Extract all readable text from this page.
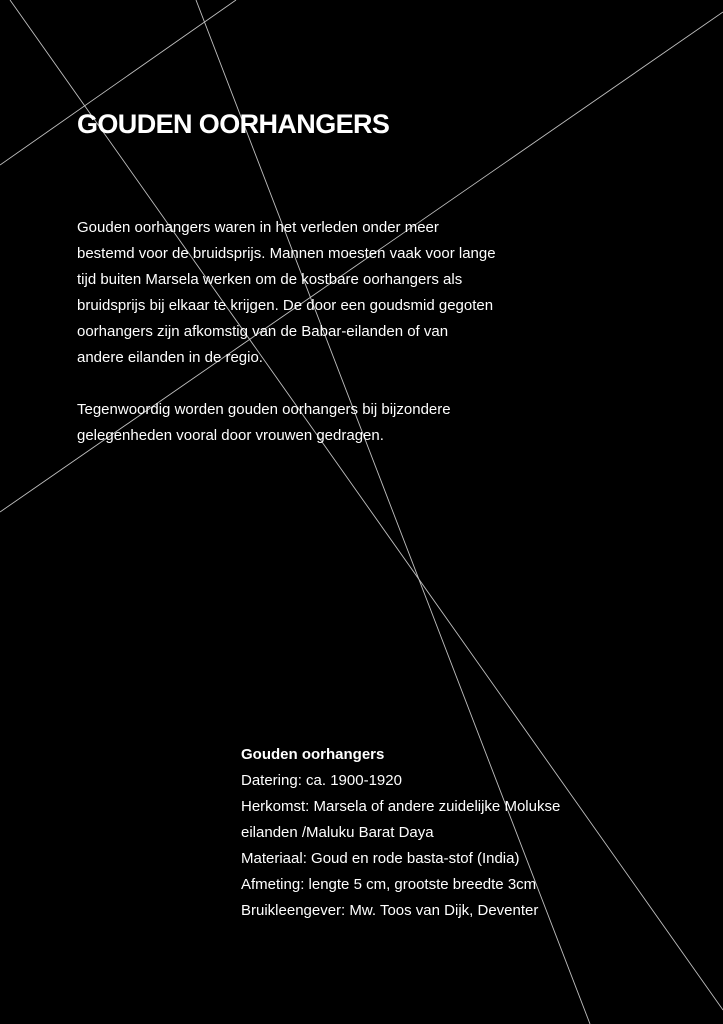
GOUDEN OORHANGERS

Gouden oorhangers waren in het verleden onder meer
bestemd voor de bruidsprijs. Mannen moesten vaak voor lange
tijd buiten Marsela werken om de kostbare oorhangers als
bruidsprijs bij elkaar te krijgen. De door een goudsmid gegoten
oorhangers zijn afkomstig van de Babar-eilanden of van
andere eilanden in de regio.

Tegenwoordig worden gouden oorhangers bij bijzondere
gelegenheden vooral door vrouwen gedragen.

Gouden oorhangers
Datering: ca. 1900-1920
Herkomst: Marsela of andere zuidelijke Molukse
eilanden /Maluku Barat Daya
Materiaal: Goud en rode basta-stof (India)
Afmeting: lengte 5 cm, grootste breedte 3cm
Bruikleengever: Mw. Toos van Dijk, Deventer
